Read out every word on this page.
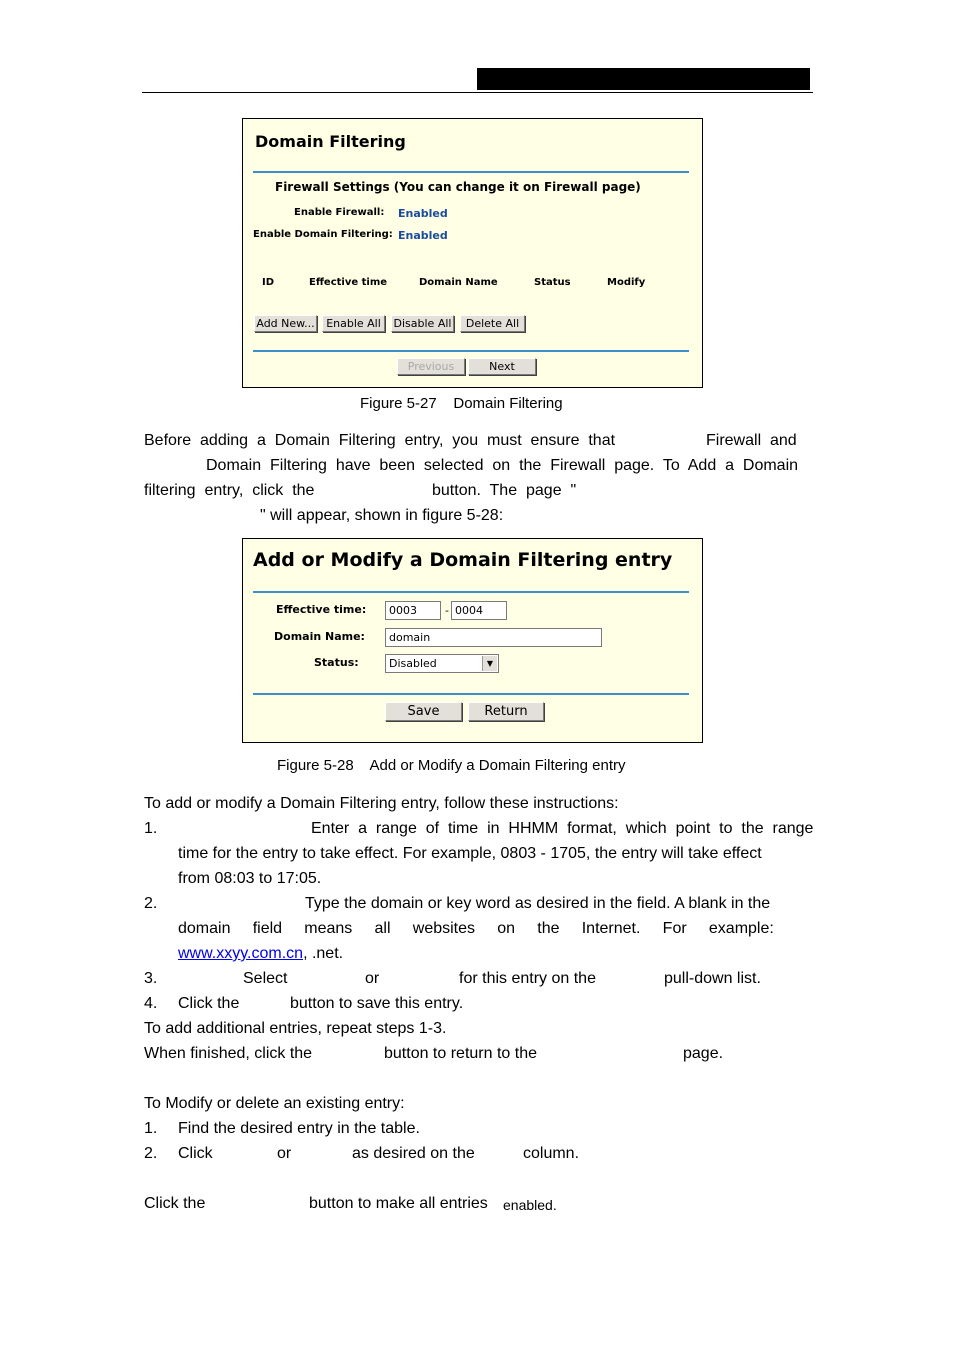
Domain Filtering
Firewall Settings (You can change it on Firewall page)
Enable Firewall: Enabled
Enable Domain Filtering: Enabled
ID	Effective time	Domain Name	Status	Modify
Add New...	Enable All	Disable All	Delete All
Previous	Next
Figure 5-27    Domain Filtering
Before  adding  a  Domain  Filtering  entry,  you  must  ensure  that	Firewall  and
Domain  Filtering  have  been  selected  on  the  Firewall  page.  To  Add  a  Domain
filtering  entry,  click  the	button.  The  page  "
" will appear, shown in figure 5-28:
Add or Modify a Domain Filtering entry
Effective time:	0003	- 0004
Domain Name:	domain
Status:	Disabled	▼
Save	Return
Figure 5-28    Add or Modify a Domain Filtering entry
To add or modify a Domain Filtering entry, follow these instructions:
1.	Enter  a  range  of  time  in  HHMM  format,  which  point  to  the  range
time for the entry to take effect. For example, 0803 - 1705, the entry will take effect
from 08:03 to 17:05.
2.	Type the domain or key word as desired in the field. A blank in the
domain     field     means     all     websites     on     the     Internet.     For     example:
www.xxyy.com.cn, .net.
3.	Select	or	for this entry on the	pull-down list.
4. Click the	button to save this entry.
To add additional entries, repeat steps 1-3.
When finished, click the	button to return to the	page.
To Modify or delete an existing entry:
1. Find the desired entry in the table.
2. Click	or	as desired on the	column.
Click the	button to make all entries enabled.
